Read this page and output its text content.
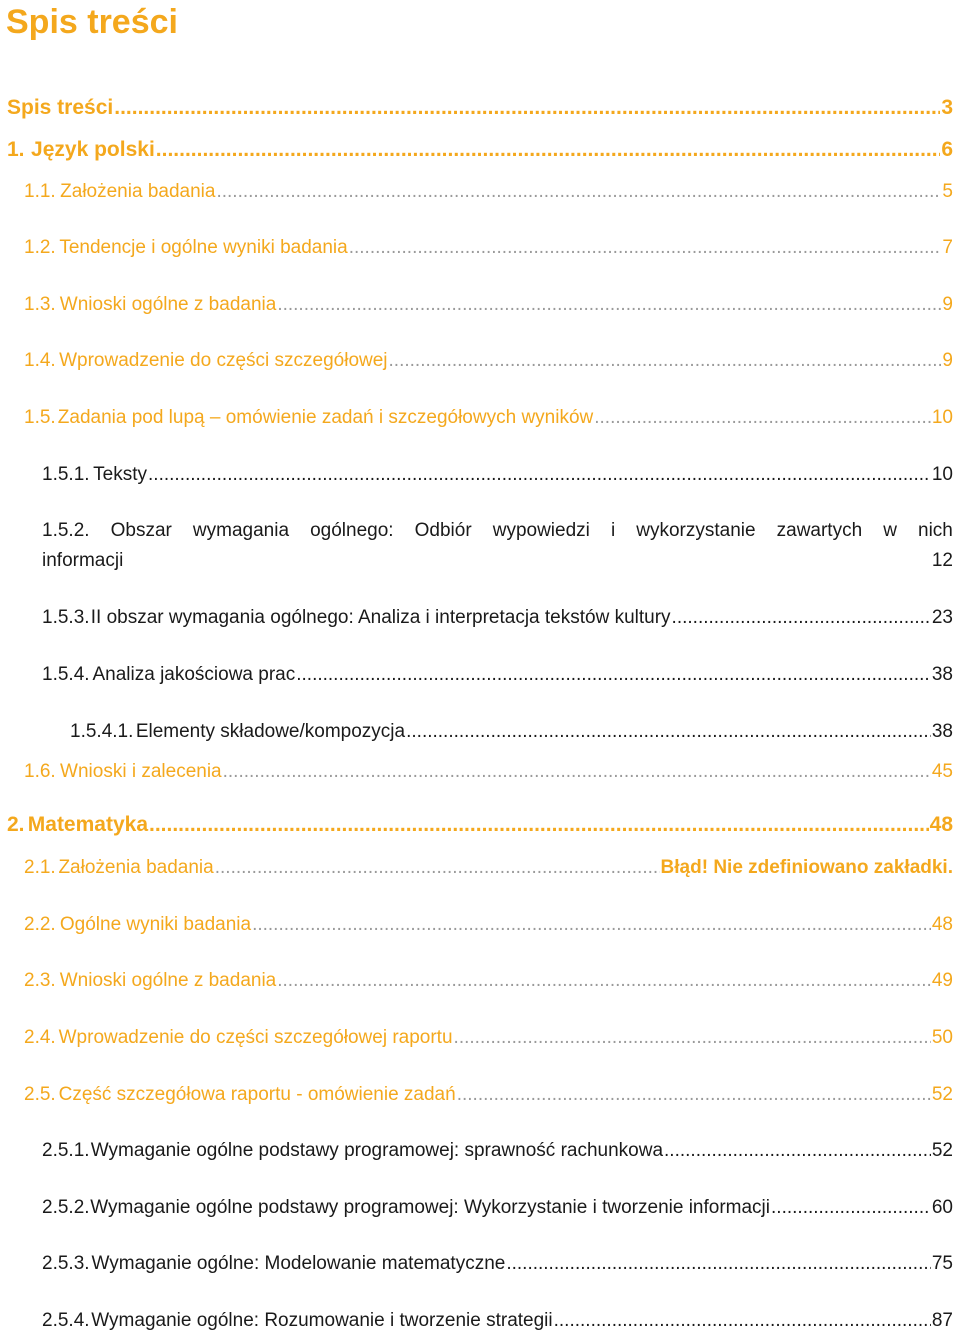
Spis treści
Spis treści .....	3
1. Język polski .....	6
1.1. Założenia badania .....	5
1.2. Tendencje i ogólne wyniki badania .....	7
1.3. Wnioski ogólne z badania .....	9
1.4. Wprowadzenie do części szczegółowej .....	9
1.5. Zadania pod lupą – omówienie zadań i szczegółowych wyników .....	10
1.5.1. Teksty .....	10
1.5.2. Obszar wymagania ogólnego: Odbiór wypowiedzi i wykorzystanie zawartych w nich
informacji	12
1.5.3. II obszar wymagania ogólnego: Analiza i interpretacja tekstów kultury .....	23
1.5.4. Analiza jakościowa prac .....	38
1.5.4.1. Elementy składowe/kompozycja .....	38
1.6. Wnioski i zalecenia .....	45
2. Matematyka .....	48
2.1. Założenia badania .....	Błąd! Nie zdefiniowano zakładki.
2.2. Ogólne wyniki badania .....	48
2.3. Wnioski ogólne z badania .....	49
2.4. Wprowadzenie do części szczegółowej raportu .....	50
2.5. Część szczegółowa raportu - omówienie zadań .....	52
2.5.1. Wymaganie ogólne podstawy programowej: sprawność rachunkowa .....	52
2.5.2. Wymaganie ogólne podstawy programowej: Wykorzystanie i tworzenie informacji .....	60
2.5.3. Wymaganie ogólne: Modelowanie matematyczne .....	75
2.5.4. Wymaganie ogólne: Rozumowanie i tworzenie strategii .....	87
